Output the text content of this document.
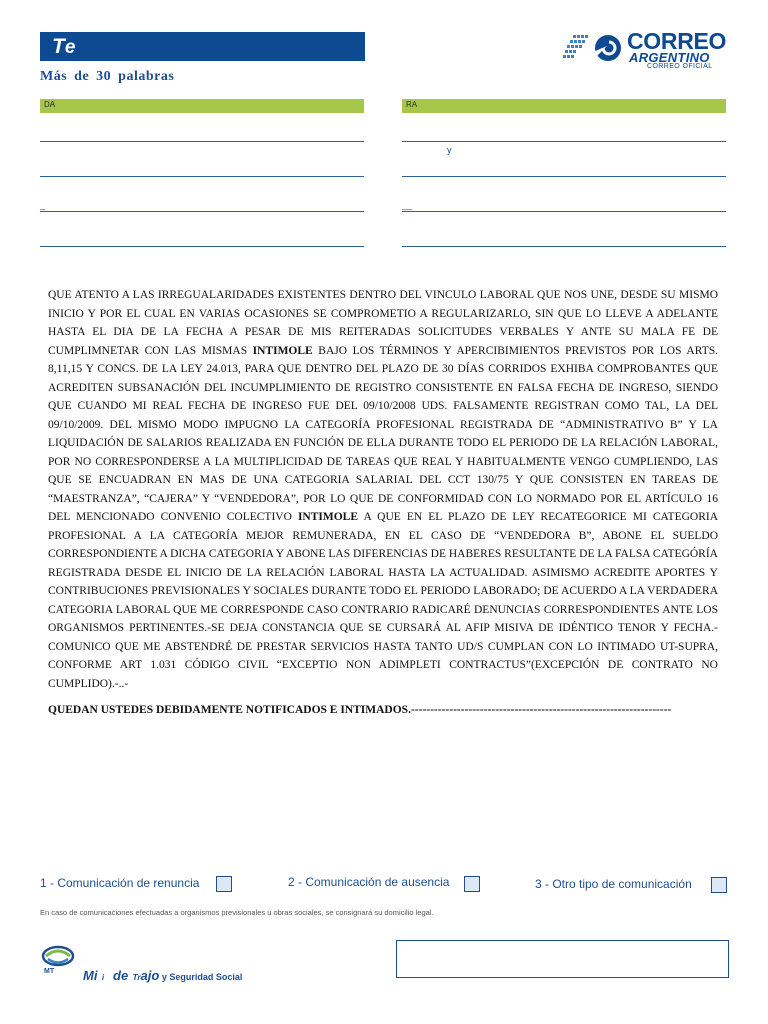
Te
Más de 30 palabras
CORREO
ARGENTINO
CORREO OFICIAL
DA	RA
_
y
__

QUE ATENTO A LAS IRREGUALARIDADES EXISTENTES DENTRO DEL VINCULO LABORAL QUE NOS UNE, DESDE SU MISMO INICIO Y POR EL CUAL EN VARIAS OCASIONES SE COMPROMETIO A REGULARIZARLO, SIN QUE LO LLEVE A ADELANTE HASTA EL DIA DE LA FECHA A PESAR DE MIS REITERADAS SOLICITUDES VERBALES Y ANTE SU MALA FE DE CUMPLIMNETAR CON LAS MISMAS INTIMOLE BAJO LOS TÉRMINOS Y APERCIBIMIENTOS PREVISTOS POR LOS ARTS. 8,11,15 Y CONCS. DE LA LEY 24.013, PARA QUE DENTRO DEL PLAZO DE 30 DÍAS CORRIDOS EXHIBA COMPROBANTES QUE ACREDITEN SUBSANACIÓN DEL INCUMPLIMIENTO DE REGISTRO CONSISTENTE EN FALSA FECHA DE INGRESO, SIENDO QUE CUANDO MI REAL FECHA DE INGRESO FUE DEL 09/10/2008 UDS. FALSAMENTE REGISTRAN COMO TAL, LA DEL 09/10/2009. DEL MISMO MODO IMPUGNO LA CATEGORÍA PROFESIONAL REGISTRADA DE “ADMINISTRATIVO B” Y LA LIQUIDACIÓN DE SALARIOS REALIZADA EN FUNCIÓN DE ELLA DURANTE TODO EL PERIODO DE LA RELACIÓN LABORAL, POR NO CORRESPONDERSE A LA MULTIPLICIDAD DE TAREAS QUE REAL Y HABITUALMENTE VENGO CUMPLIENDO, LAS QUE SE ENCUADRAN EN MAS DE UNA CATEGORIA SALARIAL DEL CCT 130/75 Y QUE CONSISTEN EN TAREAS DE “MAESTRANZA”, “CAJERA” Y “VENDEDORA”, POR LO QUE DE CONFORMIDAD CON LO NORMADO POR EL ARTÍCULO 16 DEL MENCIONADO CONVENIO COLECTIVO INTIMOLE A QUE EN EL PLAZO DE LEY RECATEGORICE MI CATEGORIA PROFESIONAL A LA CATEGORÍA MEJOR REMUNERADA, EN EL CASO DE “VENDEDORA B”, ABONE EL SUELDO CORRESPONDIENTE A DICHA CATEGORIA Y ABONE LAS DIFERENCIAS DE HABERES RESULTANTE DE LA FALSA CATEGÓRÍA REGISTRADA DESDE EL INICIO DE LA RELACIÓN LABORAL HASTA LA ACTUALIDAD. ASIMISMO ACREDITE APORTES Y CONTRIBUCIONES PREVISIONALES Y SOCIALES DURANTE TODO EL PERIODO LABORADO; DE ACUERDO A LA VERDADERA CATEGORIA LABORAL QUE ME CORRESPONDE CASO CONTRARIO RADICARÉ DENUNCIAS CORRESPONDIENTES ANTE LOS ORGANISMOS PERTINENTES.-SE DEJA CONSTANCIA QUE SE CURSARÁ AL AFIP MISIVA DE IDÉNTICO TENOR Y FECHA.-COMUNICO QUE ME ABSTENDRÉ DE PRESTAR SERVICIOS HASTA TANTO UD/S CUMPLAN CON LO INTIMADO UT-SUPRA, CONFORME ART 1.031 CÓDIGO CIVIL “EXCEPTIO NON ADIMPLETI CONTRACTUS”(EXCEPCIÓN DE CONTRATO NO CUMPLIDO).-..-

QUEDAN USTEDES DEBIDAMENTE NOTIFICADOS E INTIMADOS.--------------------------------------------------------------------
1 - Comunicación de renuncia	2 - Comunicación de ausencia	3 - Otro tipo de comunicación
En caso de comunicaciones efectuadas a organismos previsionales u obras sociales, se consignará su domicilio legal.
MT Mi i de Trajo y Seguridad Social
